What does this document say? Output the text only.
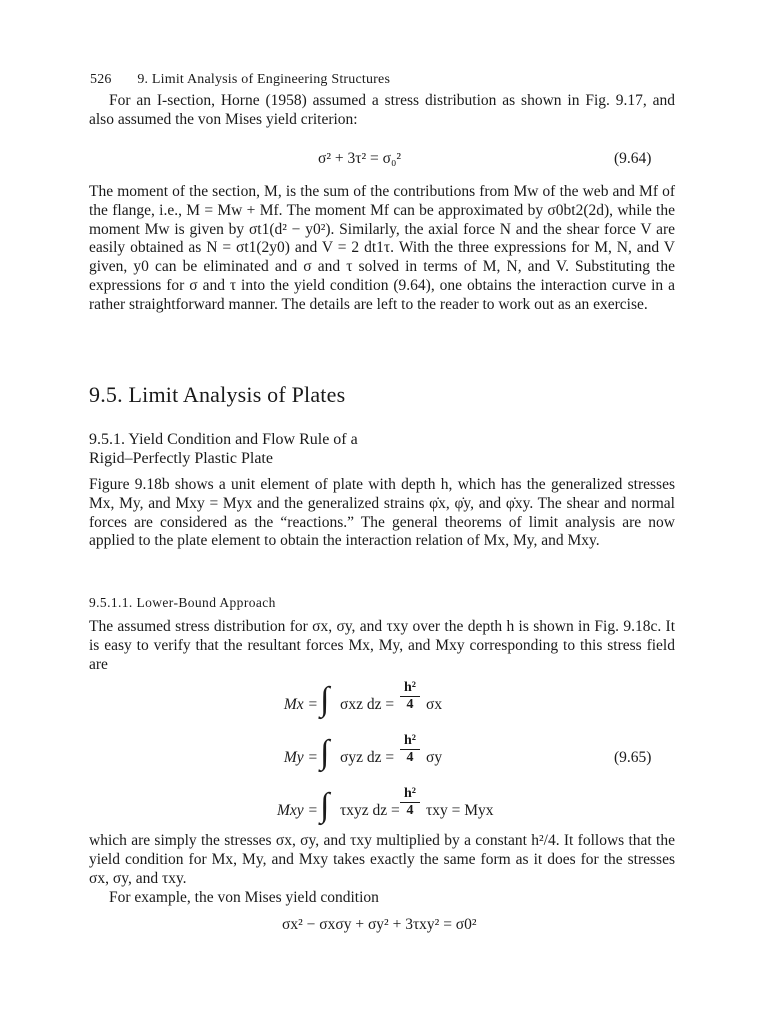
526 9. Limit Analysis of Engineering Structures

For an I-section, Horne (1958) assumed a stress distribution as shown in Fig. 9.17, and also assumed the von Mises yield criterion:

σ² + 3τ² = σ₀²	(9.64)

The moment of the section, M, is the sum of the contributions from Mw of the web and Mf of the flange, i.e., M = Mw + Mf. The moment Mf can be approximated by σ0bt2(2d), while the moment Mw is given by σt1(d² − y0²). Similarly, the axial force N and the shear force V are easily obtained as N = σt1(2y0) and V = 2 dt1τ. With the three expressions for M, N, and V given, y0 can be eliminated and σ and τ solved in terms of M, N, and V. Substituting the expressions for σ and τ into the yield condition (9.64), one obtains the interaction curve in a rather straightforward manner. The details are left to the reader to work out as an exercise.

9.5. Limit Analysis of Plates
9.5.1. Yield Condition and Flow Rule of a
Rigid–Perfectly Plastic Plate

Figure 9.18b shows a unit element of plate with depth h, which has the generalized stresses Mx, My, and Mxy = Myx and the generalized strains φ̇x, φ̇y, and φ̇xy. The shear and normal forces are considered as the “reactions.” The general theorems of limit analysis are now applied to the plate element to obtain the interaction relation of Mx, My, and Mxy.

9.5.1.1. Lower-Bound Approach

The assumed stress distribution for σx, σy, and τxy over the depth h is shown in Fig. 9.18c. It is easy to verify that the resultant forces Mx, My, and Mxy corresponding to this stress field are

Mx = ∫ σxz dz = $\frac{\text{h²}}{4}$ σx
My = ∫ σyz dz = $\frac{\text{h²}}{4}$ σy
Mxy = ∫ τxyz dz = $\frac{\text{h²}}{4}$ τxy = Myx
(9.65)

which are simply the stresses σx, σy, and τxy multiplied by a constant h²/4. It follows that the yield condition for Mx, My, and Mxy takes exactly the same form as it does for the stresses σx, σy, and τxy.

For example, the von Mises yield condition

σx² − σxσy + σy² + 3τxy² = σ0²
